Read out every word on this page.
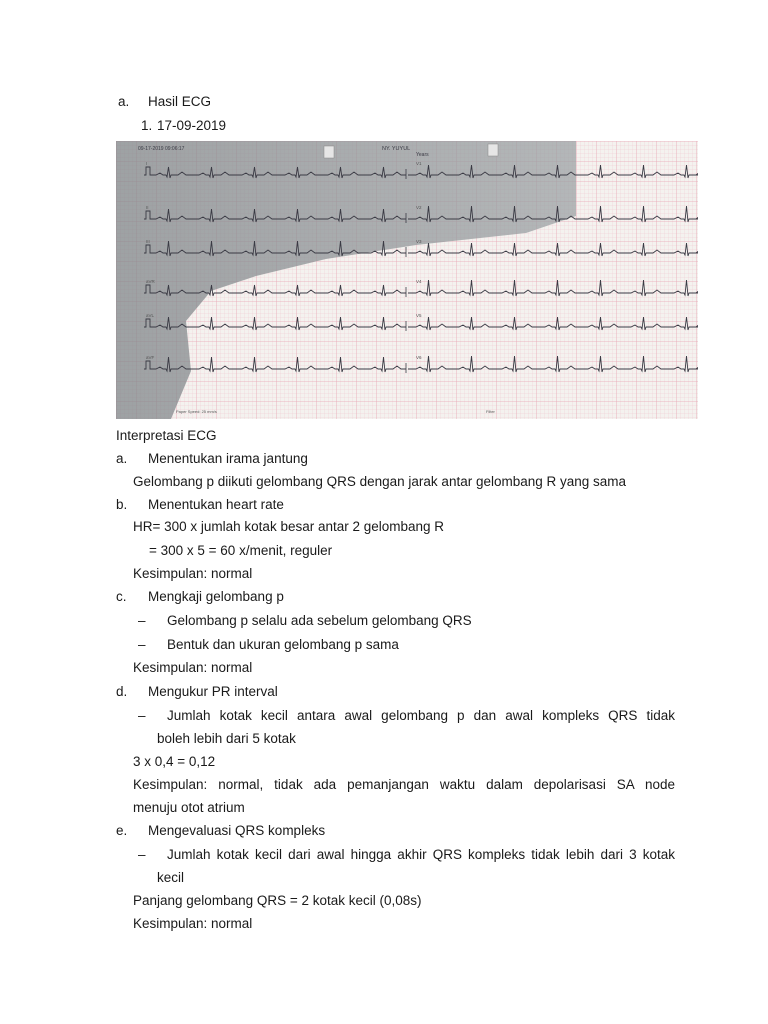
a. Hasil ECG
1. 17-09-2019
I	V1
II	V2
III	V3
aVR	V4
aVL	V5
aVF	V6
09-17-2019 09:06:17	NY. YUYUL
Years
Paper Speed: 25 mm/s	Filter
Interpretasi ECG
a. Menentukan irama jantung
Gelombang p diikuti gelombang QRS dengan jarak antar gelombang R yang sama
b. Menentukan heart rate
HR= 300 x jumlah kotak besar antar 2 gelombang R
= 300 x 5 = 60 x/menit, reguler
Kesimpulan: normal
c. Mengkaji gelombang p
– Gelombang p selalu ada sebelum gelombang QRS
– Bentuk dan ukuran gelombang p sama
Kesimpulan: normal
d. Mengukur PR interval
– Jumlah kotak kecil antara awal gelombang p dan awal kompleks QRS tidak
boleh lebih dari 5 kotak
3 x 0,4 = 0,12
Kesimpulan: normal, tidak ada pemanjangan waktu dalam depolarisasi SA node
menuju otot atrium
e. Mengevaluasi QRS kompleks
– Jumlah kotak kecil dari awal hingga akhir QRS kompleks tidak lebih dari 3 kotak
kecil
Panjang gelombang QRS = 2 kotak kecil (0,08s)
Kesimpulan: normal
